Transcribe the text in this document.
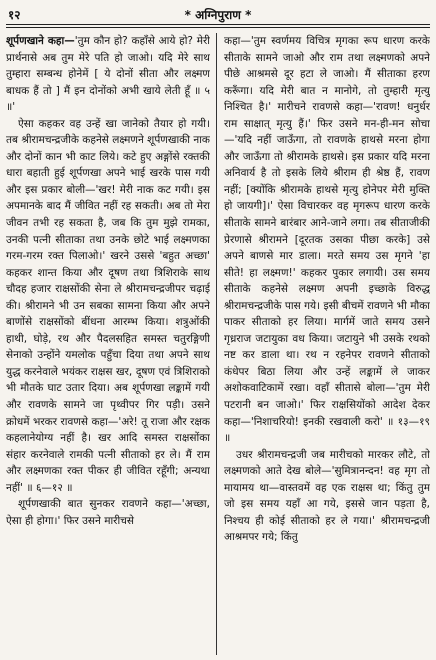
१२	* अग्निपुराण *

शूर्पणखाने कहा—'तुम कौन हो? कहाँसे आये हो? मेरी प्रार्थनासे अब तुम मेरे पति हो जाओ। यदि मेरे साथ तुम्हारा सम्बन्ध होनेमें [ ये दोनों सीता और लक्ष्मण बाधक हैं तो ] मैं इन दोनोंको अभी खाये लेती हूँ ॥ ५ ॥'

ऐसा कहकर वह उन्हें खा जानेको तैयार हो गयी। तब श्रीरामचन्द्रजीके कहनेसे लक्ष्मणने शूर्पणखाकी नाक और दोनों कान भी काट लिये। कटे हुए अङ्गोंसे रक्तकी धारा बहाती हुई शूर्पणखा अपने भाई खरके पास गयी और इस प्रकार बोली—'खर! मेरी नाक कट गयी। इस अपमानके बाद मैं जीवित नहीं रह सकती। अब तो मेरा जीवन तभी रह सकता है, जब कि तुम मुझे रामका, उनकी पत्नी सीताका तथा उनके छोटे भाई लक्ष्मणका गरम-गरम रक्त पिलाओ।' खरने उससे 'बहुत अच्छा' कहकर शान्त किया और दूषण तथा त्रिशिराके साथ चौदह हजार राक्षसोंकी सेना ले श्रीरामचन्द्रजीपर चढ़ाई की। श्रीरामने भी उन सबका सामना किया और अपने बाणोंसे राक्षसोंको बींधना आरम्भ किया। शत्रुओंकी हाथी, घोड़े, रथ और पैदलसहित समस्त चतुरङ्गिणी सेनाको उन्होंने यमलोक पहुँचा दिया तथा अपने साथ युद्ध करनेवाले भयंकर राक्षस खर, दूषण एवं त्रिशिराको भी मौतके घाट उतार दिया। अब शूर्पणखा लङ्कामें गयी और रावणके सामने जा पृथ्वीपर गिर पड़ी। उसने क्रोधमें भरकर रावणसे कहा—'अरे! तू राजा और रक्षक कहलानेयोग्य नहीं है। खर आदि समस्त राक्षसोंका संहार करनेवाले रामकी पत्नी सीताको हर ले। मैं राम और लक्ष्मणका रक्त पीकर ही जीवित रहूँगी; अन्यथा नहीं' ॥ ६—१२ ॥

शूर्पणखाकी बात सुनकर रावणने कहा—'अच्छा, ऐसा ही होगा।' फिर उसने मारीचसे

कहा—'तुम स्वर्णमय विचित्र मृगका रूप धारण करके सीताके सामने जाओ और राम तथा लक्ष्मणको अपने पीछे आश्रमसे दूर हटा ले जाओ। मैं सीताका हरण करूँगा। यदि मेरी बात न मानोगे, तो तुम्हारी मृत्यु निश्चित है।' मारीचने रावणसे कहा—'रावण! धनुर्धर राम साक्षात् मृत्यु हैं।' फिर उसने मन-ही-मन सोचा—'यदि नहीं जाऊँगा, तो रावणके हाथसे मरना होगा और जाऊँगा तो श्रीरामके हाथसे। इस प्रकार यदि मरना अनिवार्य है तो इसके लिये श्रीराम ही श्रेष्ठ हैं, रावण नहीं; [क्योंकि श्रीरामके हाथसे मृत्यु होनेपर मेरी मुक्ति हो जायगी]।' ऐसा विचारकर वह मृगरूप धारण करके सीताके सामने बारंबार आने-जाने लगा। तब सीताजीकी प्रेरणासे श्रीरामने [दूरतक उसका पीछा करके] उसे अपने बाणसे मार डाला। मरते समय उस मृगने 'हा सीते! हा लक्ष्मण!' कहकर पुकार लगायी। उस समय सीताके कहनेसे लक्ष्मण अपनी इच्छाके विरुद्ध श्रीरामचन्द्रजीके पास गये। इसी बीचमें रावणने भी मौका पाकर सीताको हर लिया। मार्गमें जाते समय उसने गृध्रराज जटायुका वध किया। जटायुने भी उसके रथको नष्ट कर डाला था। रथ न रहनेपर रावणने सीताको कंधेपर बिठा लिया और उन्हें लङ्कामें ले जाकर अशोकवाटिकामें रखा। वहाँ सीतासे बोला—'तुम मेरी पटरानी बन जाओ।' फिर राक्षसियोंको आदेश देकर कहा—'निशाचरियो! इनकी रखवाली करो' ॥ १३—१९ ॥

उधर श्रीरामचन्द्रजी जब मारीचको मारकर लौटे, तो लक्ष्मणको आते देख बोले—'सुमित्रानन्दन! वह मृग तो मायामय था—वास्तवमें वह एक राक्षस था; किंतु तुम जो इस समय यहाँ आ गये, इससे जान पड़ता है, निश्चय ही कोई सीताको हर ले गया।' श्रीरामचन्द्रजी आश्रमपर गये; किंतु
